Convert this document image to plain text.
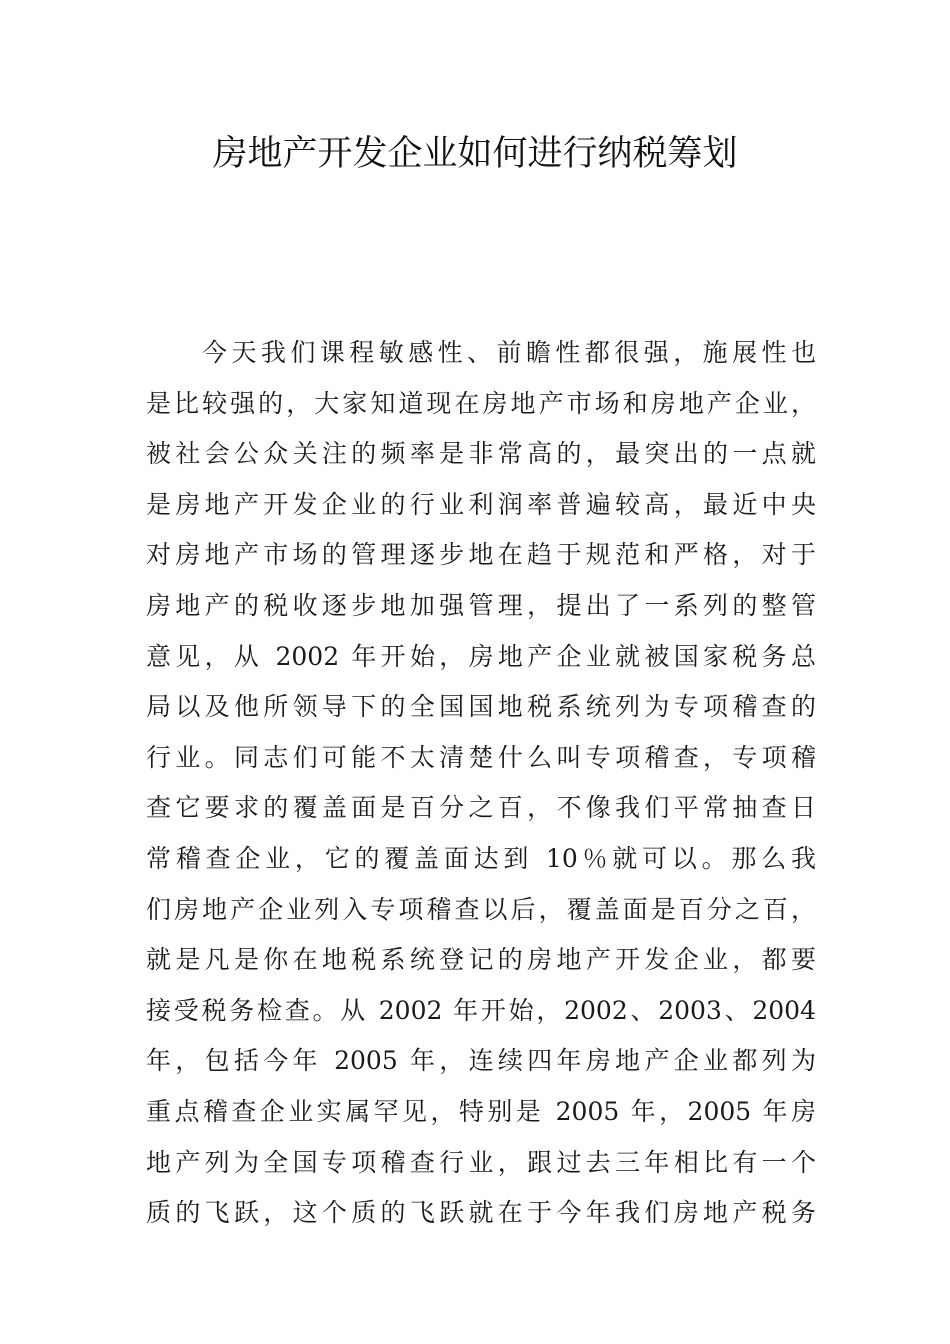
房地产开发企业如何进行纳税筹划
今天我们课程敏感性、前瞻性都很强，施展性也
是比较强的，大家知道现在房地产市场和房地产企业，
被社会公众关注的频率是非常高的，最突出的一点就
是房地产开发企业的行业利润率普遍较高，最近中央
对房地产市场的管理逐步地在趋于规范和严格，对于
房地产的税收逐步地加强管理，提出了一系列的整管
意见，从 2002 年开始，房地产企业就被国家税务总
局以及他所领导下的全国国地税系统列为专项稽查的
行业。同志们可能不太清楚什么叫专项稽查，专项稽
查它要求的覆盖面是百分之百，不像我们平常抽查日
常稽查企业，它的覆盖面达到 10％就可以。那么我
们房地产企业列入专项稽查以后，覆盖面是百分之百，
就是凡是你在地税系统登记的房地产开发企业，都要
接受税务检查。从 2002 年开始，2002、2003、2004
年，包括今年 2005 年，连续四年房地产企业都列为
重点稽查企业实属罕见，特别是 2005 年，2005 年房
地产列为全国专项稽查行业，跟过去三年相比有一个
质的飞跃，这个质的飞跃就在于今年我们房地产税务
